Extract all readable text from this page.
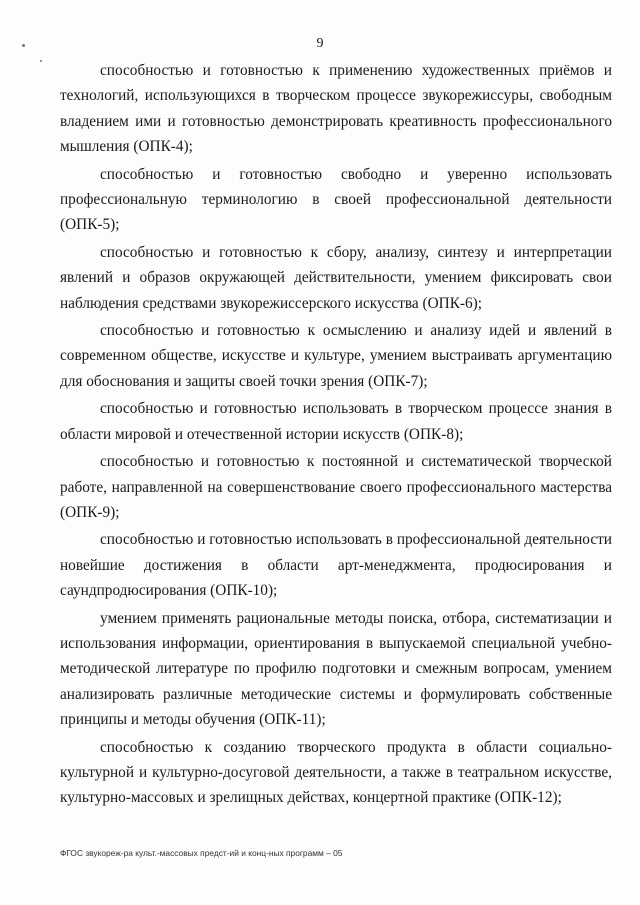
9

способностью и готовностью к применению художественных приёмов и технологий, использующихся в творческом процессе звукорежиссуры, свободным владением ими и готовностью демонстрировать креативность профессионального мышления (ОПК-4);

способностью и готовностью свободно и уверенно использовать профессиональную терминологию в своей профессиональной деятельности (ОПК-5);

способностью и готовностью к сбору, анализу, синтезу и интерпретации явлений и образов окружающей действительности, умением фиксировать свои наблюдения средствами звукорежиссерского искусства (ОПК-6);

способностью и готовностью к осмыслению и анализу идей и явлений в современном обществе, искусстве и культуре, умением выстраивать аргументацию для обоснования и защиты своей точки зрения (ОПК-7);

способностью и готовностью использовать в творческом процессе знания в области мировой и отечественной истории искусств (ОПК-8);

способностью и готовностью к постоянной и систематической творческой работе, направленной на совершенствование своего профессионального мастерства (ОПК-9);

способностью и готовностью использовать в профессиональной деятельности новейшие достижения в области арт-менеджмента, продюсирования и саундпродюсирования (ОПК-10);

умением применять рациональные методы поиска, отбора, систематизации и использования информации, ориентирования в выпускаемой специальной учебно-методической литературе по профилю подготовки и смежным вопросам, умением анализировать различные методические системы и формулировать собственные принципы и методы обучения (ОПК-11);

способностью к созданию творческого продукта в области социально-культурной и культурно-досуговой деятельности, а также в театральном искусстве, культурно-массовых и зрелищных действах, концертной практике (ОПК-12);

ФГОС звукореж-ра культ.-массовых предст-ий и конц-ных программ – 05
